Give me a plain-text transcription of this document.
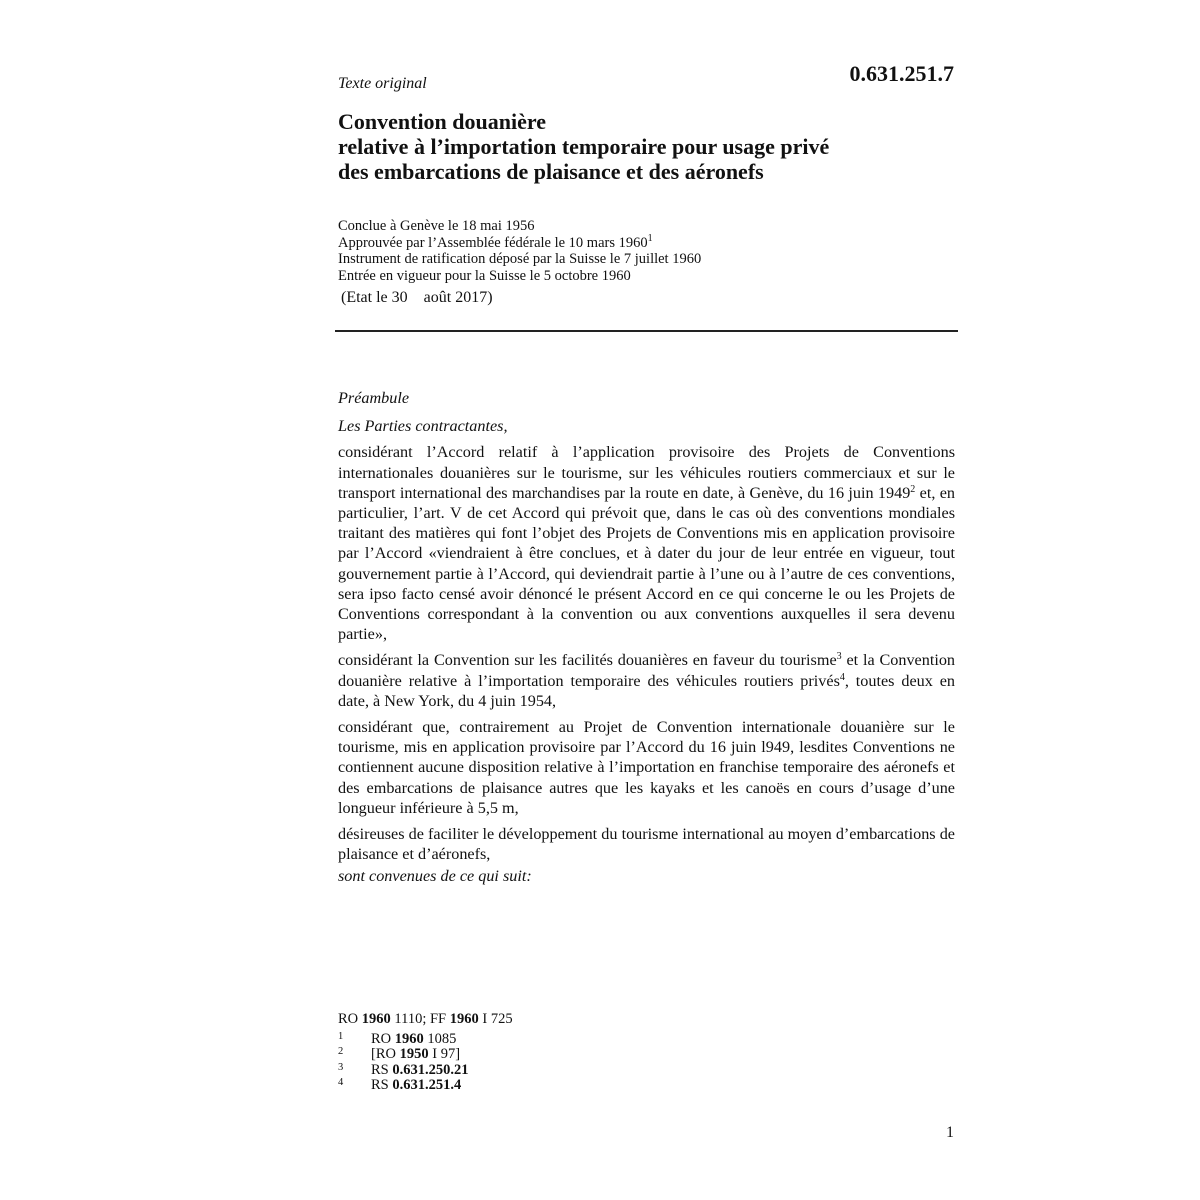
Texte original	0.631.251.7
Convention douanière
relative à l’importation temporaire pour usage privé
des embarcations de plaisance et des aéronefs
Conclue à Genève le 18 mai 1956
Approuvée par l’Assemblée fédérale le 10 mars 1960$^1$
Instrument de ratification déposé par la Suisse le 7 juillet 1960
Entrée en vigueur pour la Suisse le 5 octobre 1960
(Etat le 30    août 2017)

Préambule

Les Parties contractantes,

considérant l’Accord relatif à l’application provisoire des Projets de Conventions internationales douanières sur le tourisme, sur les véhicules routiers commerciaux et sur le transport international des marchandises par la route en date, à Genève, du 16 juin 1949$^2$ et, en particulier, l’art. V de cet Accord qui prévoit que, dans le cas où des conventions mondiales traitant des matières qui font l’objet des Projets de Conventions mis en application provisoire par l’Accord «viendraient à être conclues, et à dater du jour de leur entrée en vigueur, tout gouvernement partie à l’Accord, qui deviendrait partie à l’une ou à l’autre de ces conventions, sera ipso facto censé avoir dénoncé le présent Accord en ce qui concerne le ou les Projets de Conventions correspondant à la convention ou aux conventions auxquelles il sera devenu partie»,

considérant la Convention sur les facilités douanières en faveur du tourisme$^3$ et la Convention douanière relative à l’importation temporaire des véhicules routiers privés$^4$, toutes deux en date, à New York, du 4 juin 1954,

considérant que, contrairement au Projet de Convention internationale douanière sur le tourisme, mis en application provisoire par l’Accord du 16 juin l949, lesdites Conventions ne contiennent aucune disposition relative à l’importation en franchise temporaire des aéronefs et des embarcations de plaisance autres que les kayaks et les canoës en cours d’usage d’une longueur inférieure à 5,5 m,

désireuses de faciliter le développement du tourisme international au moyen d’embarcations de plaisance et d’aéronefs,

sont convenues de ce qui suit:

RO 1960 1110; FF 1960 I 725
1 RO 1960 1085
2 [RO 1950 I 97]
3 RS 0.631.250.21
4 RS 0.631.251.4
1
